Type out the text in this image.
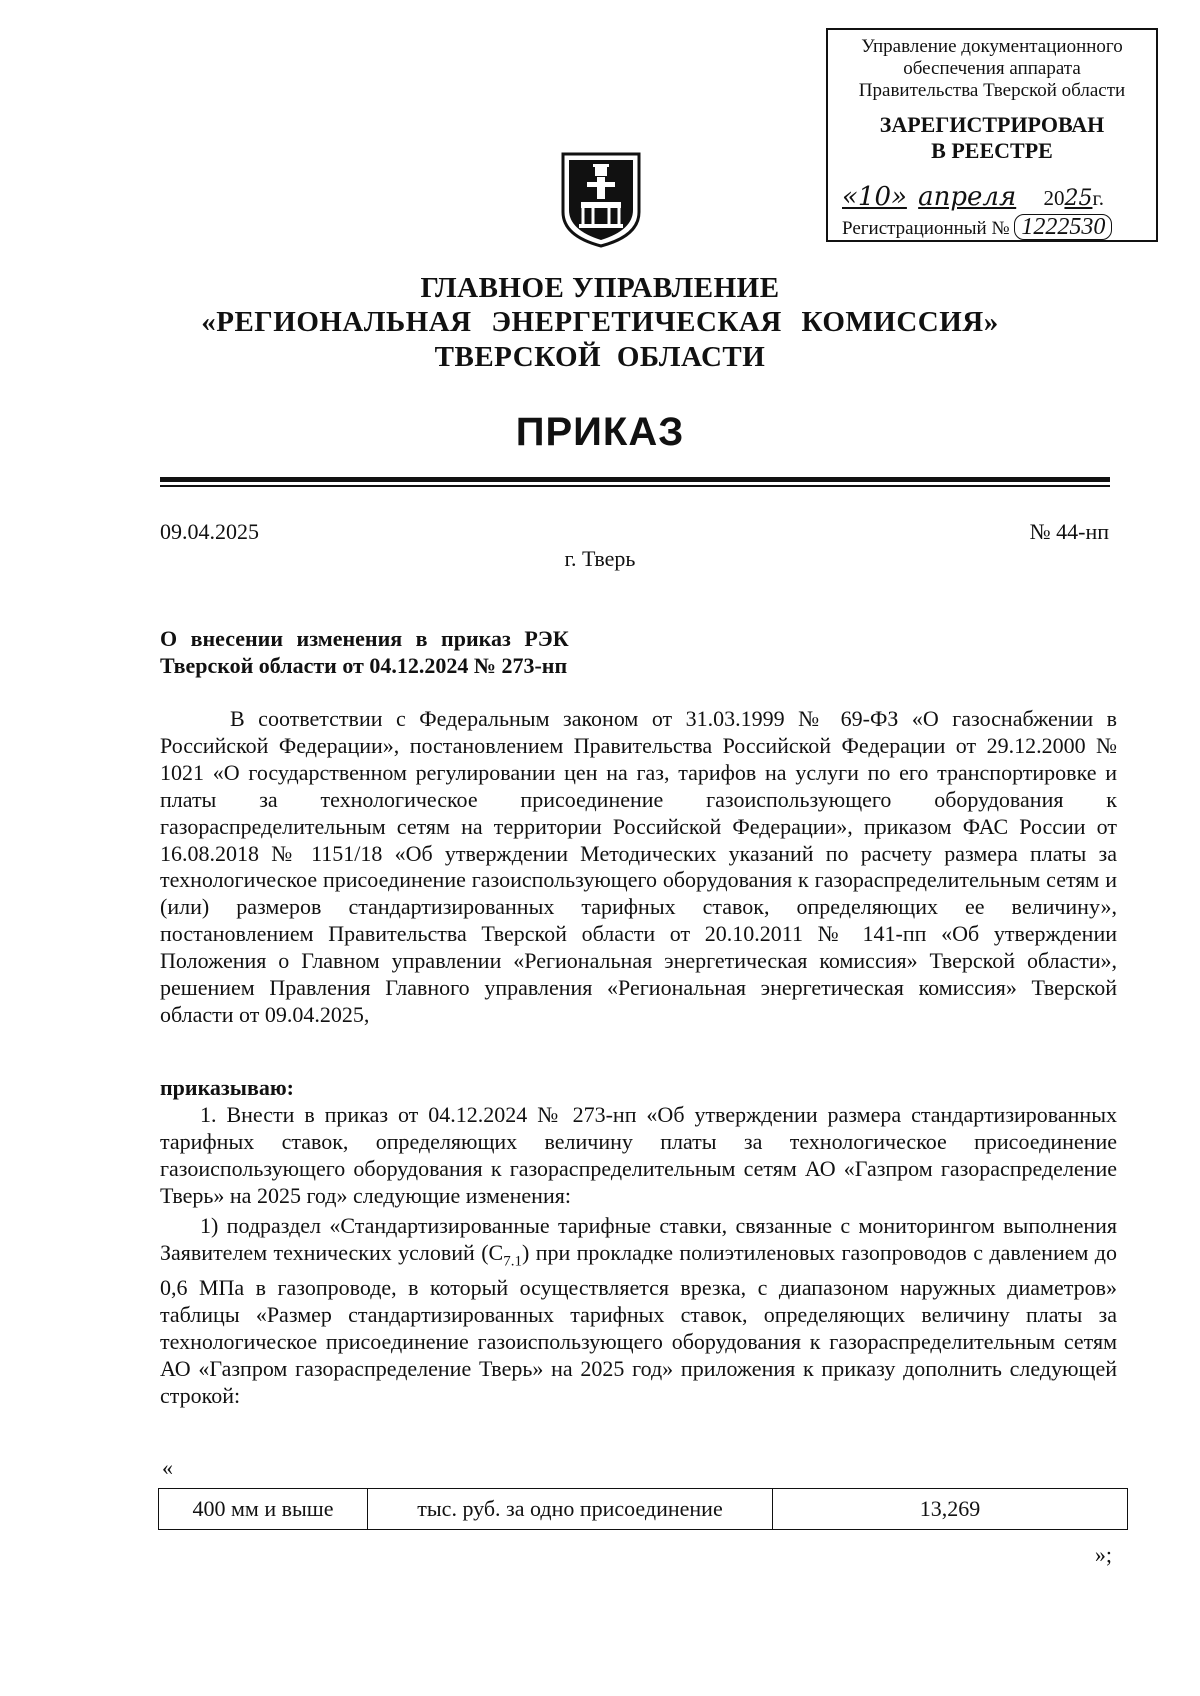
Управление документационного
обеспечения аппарата
Правительства Тверской области
ЗАРЕГИСТРИРОВАН
В РЕЕСТРЕ
«10» апреля 2025г.
Регистрационный № 1222530
ГЛАВНОЕ УПРАВЛЕНИЕ
«РЕГИОНАЛЬНАЯ ЭНЕРГЕТИЧЕСКАЯ КОМИССИЯ»
ТВЕРСКОЙ ОБЛАСТИ
ПРИКАЗ
09.04.2025	№ 44-нп
г. Тверь
О внесении изменения в приказ РЭК
Тверской области от 04.12.2024 № 273-нп
В соответствии с Федеральным законом от 31.03.1999 № 69-ФЗ «О газоснабжении в Российской Федерации», постановлением Правительства Российской Федерации от 29.12.2000 № 1021 «О государственном регулировании цен на газ, тарифов на услуги по его транспортировке и платы за технологическое присоединение газоиспользующего оборудования к газораспределительным сетям на территории Российской Федерации», приказом ФАС России от 16.08.2018 № 1151/18 «Об утверждении Методических указаний по расчету размера платы за технологическое присоединение газоиспользующего оборудования к газораспределительным сетям и (или) размеров стандартизированных тарифных ставок, определяющих ее величину», постановлением Правительства Тверской области от 20.10.2011 № 141-пп «Об утверждении Положения о Главном управлении «Региональная энергетическая комиссия» Тверской области», решением Правления Главного управления «Региональная энергетическая комиссия» Тверской области от 09.04.2025,
приказываю:
1. Внести в приказ от 04.12.2024 № 273-нп «Об утверждении размера стандартизированных тарифных ставок, определяющих величину платы за технологическое присоединение газоиспользующего оборудования к газораспределительным сетям АО «Газпром газораспределение Тверь» на 2025 год» следующие изменения:
1) подраздел «Стандартизированные тарифные ставки, связанные с мониторингом выполнения Заявителем технических условий $(C_{7.1})$ при прокладке полиэтиленовых газопроводов с давлением до 0,6 МПа в газопроводе, в который осуществляется врезка, с диапазоном наружных диаметров» таблицы «Размер стандартизированных тарифных ставок, определяющих величину платы за технологическое присоединение газоиспользующего оборудования к газораспределительным сетям АО «Газпром газораспределение Тверь» на 2025 год» приложения к приказу дополнить следующей строкой:
«
400 мм и выше	тыс. руб. за одно присоединение	13,269
»;
